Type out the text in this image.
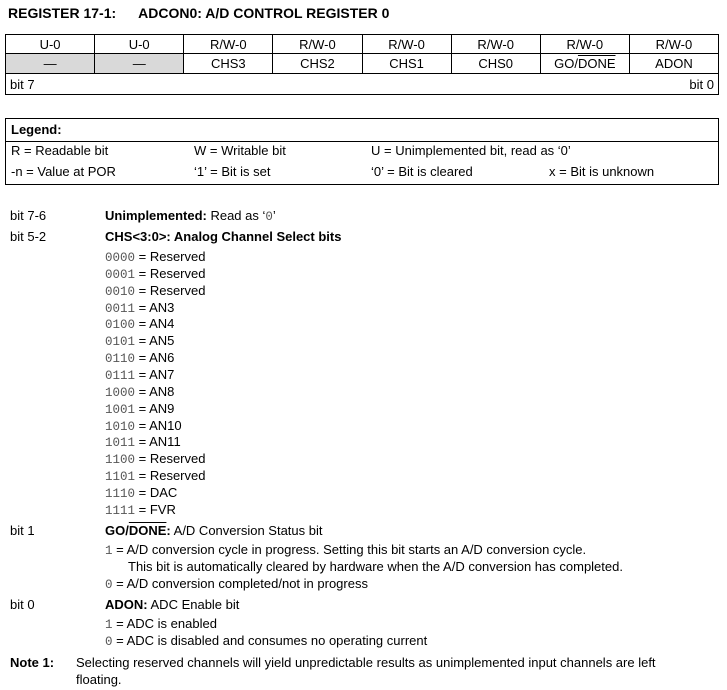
REGISTER 17-1: ADCON0: A/D CONTROL REGISTER 0
U-0	U-0	R/W-0	R/W-0	R/W-0	R/W-0	R/W-0	R/W-0
—	—	CHS3	CHS2	CHS1	CHS0	GO/DONE	ADON
bit 7 bit 0							
Legend:
R = Readable bit	W = Writable bit	U = Unimplemented bit, read as ‘0’
-n = Value at POR	‘1’ = Bit is set	‘0’ = Bit is cleared	x = Bit is unknown
bit 7-6	Unimplemented: Read as ‘0’
bit 5-2	CHS<3:0>: Analog Channel Select bits
0000 = Reserved
0001 = Reserved
0010 = Reserved
0011 = AN3
0100 = AN4
0101 = AN5
0110 = AN6
0111 = AN7
1000 = AN8
1001 = AN9
1010 = AN10
1011 = AN11
1100 = Reserved
1101 = Reserved
1110 = DAC
1111 = FVR
bit 1	GO/DONE: A/D Conversion Status bit
1 = A/D conversion cycle in progress. Setting this bit starts an A/D conversion cycle.
This bit is automatically cleared by hardware when the A/D conversion has completed.
0 = A/D conversion completed/not in progress
bit 0	ADON: ADC Enable bit
1 = ADC is enabled
0 = ADC is disabled and consumes no operating current
Note 1: Selecting reserved channels will yield unpredictable results as unimplemented input channels are left
floating.
